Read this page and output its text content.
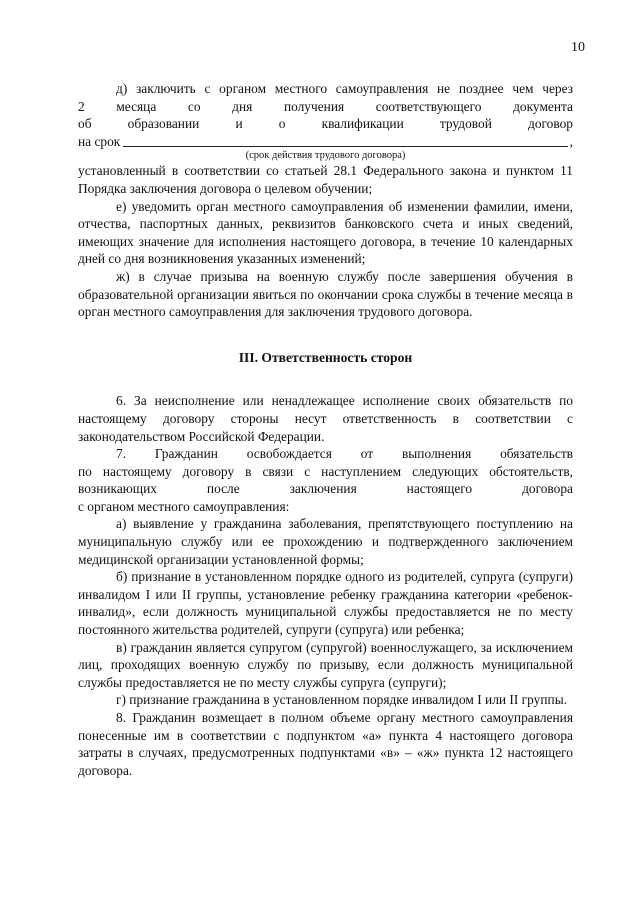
10

д) заключить с органом местного самоуправления не позднее чем через

2 месяца со дня получения соответствующего документа

об образовании и о квалификации трудовой договор

на срок	,

(срок действия трудового договора)

установленный в соответствии со статьей 28.1 Федерального закона и пунктом 11 Порядка заключения договора о целевом обучении;

е) уведомить орган местного самоуправления об изменении фамилии, имени, отчества, паспортных данных, реквизитов банковского счета и иных сведений, имеющих значение для исполнения настоящего договора, в течение 10 календарных дней со дня возникновения указанных изменений;

ж) в случае призыва на военную службу после завершения обучения в образовательной организации явиться по окончании срока службы в течение месяца в орган местного самоуправления для заключения трудового договора.

III. Ответственность сторон

6. За неисполнение или ненадлежащее исполнение своих обязательств по настоящему договору стороны несут ответственность в соответствии с законодательством Российской Федерации.

7. Гражданин освобождается от выполнения обязательств

по настоящему договору в связи с наступлением следующих обстоятельств,

возникающих после заключения настоящего договора

с органом местного самоуправления:

а) выявление у гражданина заболевания, препятствующего поступлению на муниципальную службу или ее прохождению и подтвержденного заключением медицинской организации установленной формы;

б) признание в установленном порядке одного из родителей, супруга (супруги) инвалидом I или II группы, установление ребенку гражданина категории «ребенок-инвалид», если должность муниципальной службы предоставляется не по месту постоянного жительства родителей, супруги (супруга) или ребенка;

в) гражданин является супругом (супругой) военнослужащего, за исключением лиц, проходящих военную службу по призыву, если должность муниципальной службы предоставляется не по месту службы супруга (супруги);

г) признание гражданина в установленном порядке инвалидом I или II группы.

8. Гражданин возмещает в полном объеме органу местного самоуправления понесенные им в соответствии с подпунктом «а» пункта 4 настоящего договора затраты в случаях, предусмотренных подпунктами «в» – «ж» пункта 12 настоящего договора.
